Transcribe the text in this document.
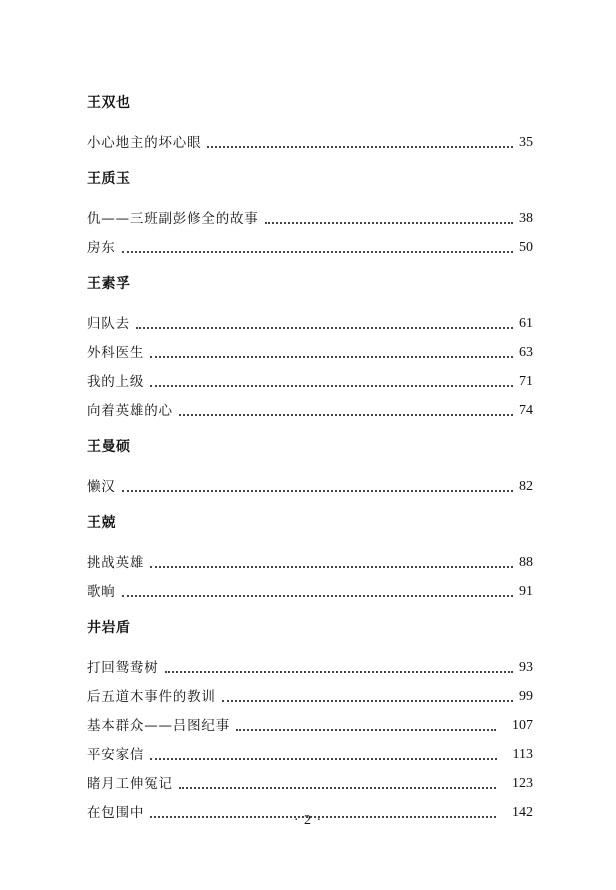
王双也
小心地主的坏心眼	35
王质玉
仇——三班副彭修全的故事	38
房东	50
王素孚
归队去	61
外科医生	63
我的上级	71
向着英雄的心	74
王曼硕
懒汉	82
王兢
挑战英雄	88
歌晌	91
井岩盾
打回鸳鸯树	93
后五道木事件的教训	99
基本群众——吕图纪事	107
平安家信	113
睹月工伸冤记	123
在包围中	142
· 2 ·
